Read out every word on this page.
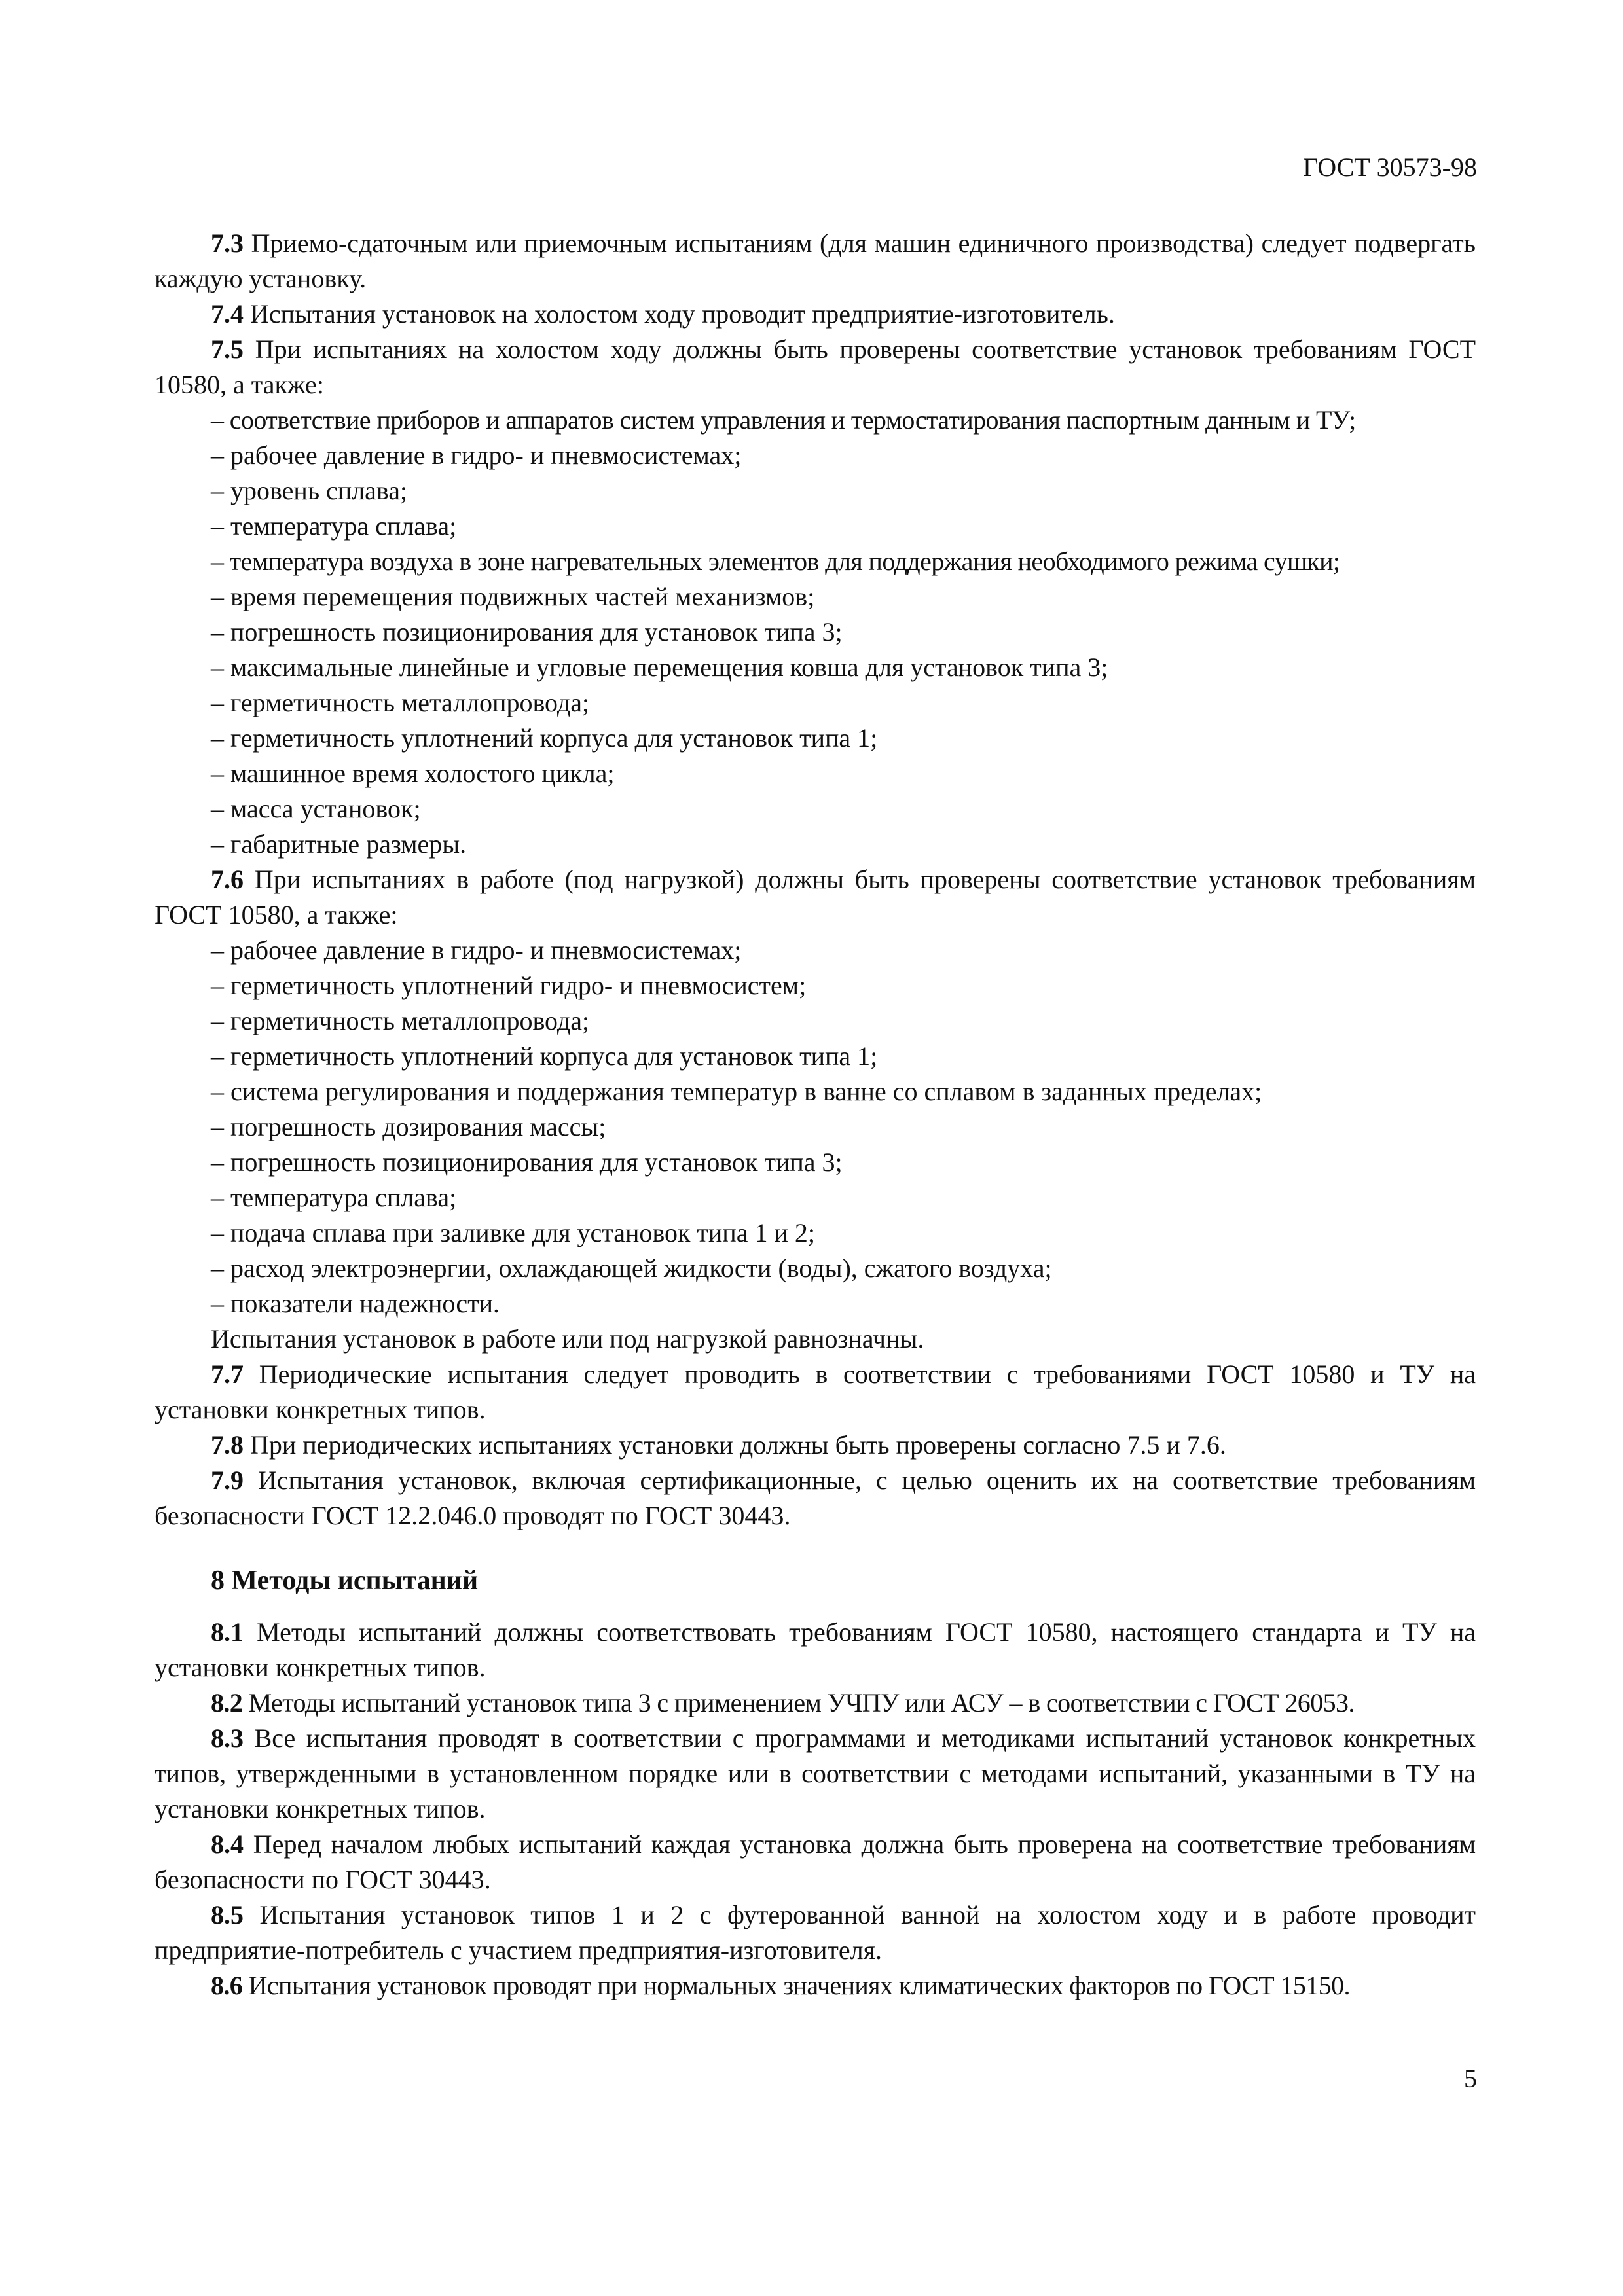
ГОСТ 30573-98

7.3 Приемо-сдаточным или приемочным испытаниям (для машин единичного производства) следует подвергать каждую установку.

7.4 Испытания установок на холостом ходу проводит предприятие-изготовитель.

7.5 При испытаниях на холостом ходу должны быть проверены соответствие установок требованиям ГОСТ 10580, а также:

– соответствие приборов и аппаратов систем управления и термостатирования паспортным данным и ТУ;

– рабочее давление в гидро- и пневмосистемах;

– уровень сплава;

– температура сплава;

– температура воздуха в зоне нагревательных элементов для поддержания необходимого режима сушки;

– время перемещения подвижных частей механизмов;

– погрешность позиционирования для установок типа 3;

– максимальные линейные и угловые перемещения ковша для установок типа 3;

– герметичность металлопровода;

– герметичность уплотнений корпуса для установок типа 1;

– машинное время холостого цикла;

– масса установок;

– габаритные размеры.

7.6 При испытаниях в работе (под нагрузкой) должны быть проверены соответствие установок требованиям ГОСТ 10580, а также:

– рабочее давление в гидро- и пневмосистемах;

– герметичность уплотнений гидро- и пневмосистем;

– герметичность металлопровода;

– герметичность уплотнений корпуса для установок типа 1;

– система регулирования и поддержания температур в ванне со сплавом в заданных пределах;

– погрешность дозирования массы;

– погрешность позиционирования для установок типа 3;

– температура сплава;

– подача сплава при заливке для установок типа 1 и 2;

– расход электроэнергии, охлаждающей жидкости (воды), сжатого воздуха;

– показатели надежности.

Испытания установок в работе или под нагрузкой равнозначны.

7.7 Периодические испытания следует проводить в соответствии с требованиями ГОСТ 10580 и ТУ на установки конкретных типов.

7.8 При периодических испытаниях установки должны быть проверены согласно 7.5 и 7.6.

7.9 Испытания установок, включая сертификационные, с целью оценить их на соответствие требованиям безопасности ГОСТ 12.2.046.0 проводят по ГОСТ 30443.

8 Методы испытаний

8.1 Методы испытаний должны соответствовать требованиям ГОСТ 10580, настоящего стандарта и ТУ на установки конкретных типов.

8.2 Методы испытаний установок типа 3 с применением УЧПУ или АСУ – в соответствии с ГОСТ 26053.

8.3 Все испытания проводят в соответствии с программами и методиками испытаний установок конкретных типов, утвержденными в установленном порядке или в соответствии с методами испытаний, указанными в ТУ на установки конкретных типов.

8.4 Перед началом любых испытаний каждая установка должна быть проверена на соответствие требованиям безопасности по ГОСТ 30443.

8.5 Испытания установок типов 1 и 2 с футерованной ванной на холостом ходу и в работе проводит предприятие-потребитель с участием предприятия-изготовителя.

8.6 Испытания установок проводят при нормальных значениях климатических факторов по ГОСТ 15150.

5
